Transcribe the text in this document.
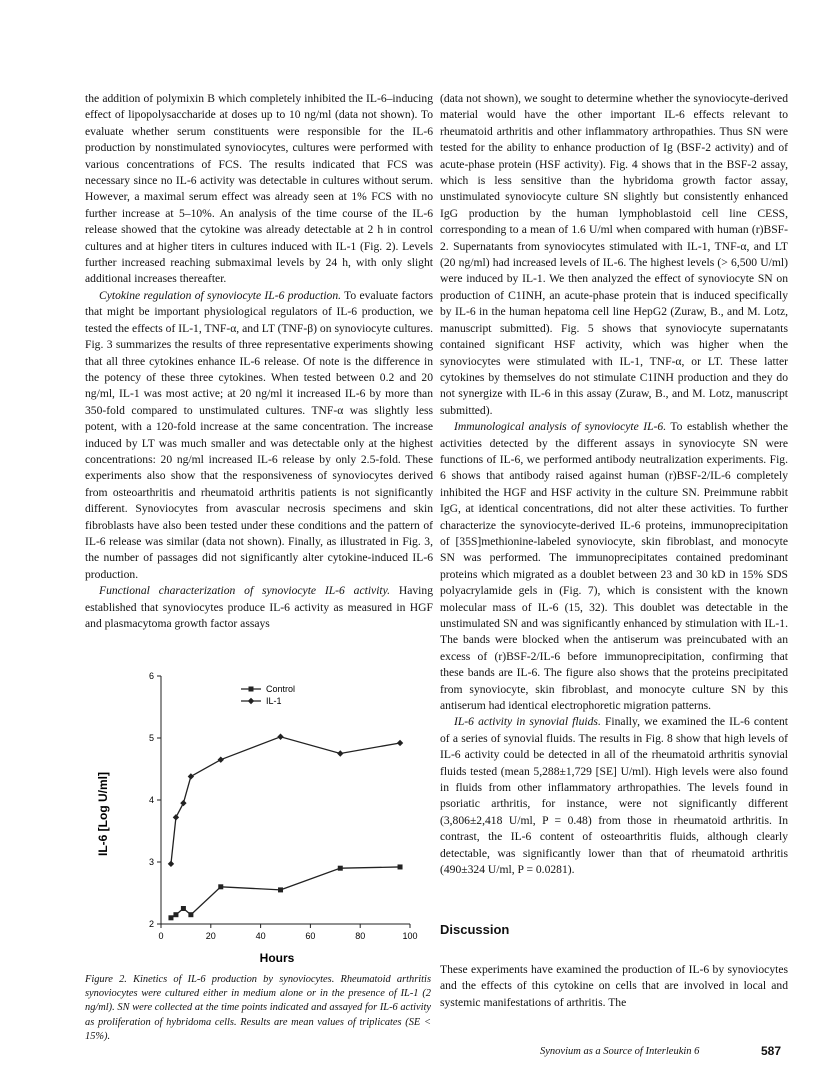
the addition of polymixin B which completely inhibited the IL-6–inducing effect of lipopolysaccharide at doses up to 10 ng/ml (data not shown). To evaluate whether serum constituents were responsible for the IL-6 production by nonstimulated synoviocytes, cultures were performed with various concentrations of FCS. The results indicated that FCS was necessary since no IL-6 activity was detectable in cultures without serum. However, a maximal serum effect was already seen at 1% FCS with no further increase at 5–10%. An analysis of the time course of the IL-6 release showed that the cytokine was already detectable at 2 h in control cultures and at higher titers in cultures induced with IL-1 (Fig. 2). Levels further increased reaching submaximal levels by 24 h, with only slight additional increases thereafter.

Cytokine regulation of synoviocyte IL-6 production. To evaluate factors that might be important physiological regulators of IL-6 production, we tested the effects of IL-1, TNF-α, and LT (TNF-β) on synoviocyte cultures. Fig. 3 summarizes the results of three representative experiments showing that all three cytokines enhance IL-6 release. Of note is the difference in the potency of these three cytokines. When tested between 0.2 and 20 ng/ml, IL-1 was most active; at 20 ng/ml it increased IL-6 by more than 350-fold compared to unstimulated cultures. TNF-α was slightly less potent, with a 120-fold increase at the same concentration. The increase induced by LT was much smaller and was detectable only at the highest concentrations: 20 ng/ml increased IL-6 release by only 2.5-fold. These experiments also show that the responsiveness of synoviocytes derived from osteoarthritis and rheumatoid arthritis patients is not significantly different. Synoviocytes from avascular necrosis specimens and skin fibroblasts have also been tested under these conditions and the pattern of IL-6 release was similar (data not shown). Finally, as illustrated in Fig. 3, the number of passages did not significantly alter cytokine-induced IL-6 production.

Functional characterization of synoviocyte IL-6 activity. Having established that synoviocytes produce IL-6 activity as measured in HGF and plasmacytoma growth factor assays

(data not shown), we sought to determine whether the synoviocyte-derived material would have the other important IL-6 effects relevant to rheumatoid arthritis and other inflammatory arthropathies. Thus SN were tested for the ability to enhance production of Ig (BSF-2 activity) and of acute-phase protein (HSF activity). Fig. 4 shows that in the BSF-2 assay, which is less sensitive than the hybridoma growth factor assay, unstimulated synoviocyte culture SN slightly but consistently enhanced IgG production by the human lymphoblastoid cell line CESS, corresponding to a mean of 1.6 U/ml when compared with human (r)BSF-2. Supernatants from synoviocytes stimulated with IL-1, TNF-α, and LT (20 ng/ml) had increased levels of IL-6. The highest levels (> 6,500 U/ml) were induced by IL-1. We then analyzed the effect of synoviocyte SN on production of C1INH, an acute-phase protein that is induced specifically by IL-6 in the human hepatoma cell line HepG2 (Zuraw, B., and M. Lotz, manuscript submitted). Fig. 5 shows that synoviocyte supernatants contained significant HSF activity, which was higher when the synoviocytes were stimulated with IL-1, TNF-α, or LT. These latter cytokines by themselves do not stimulate C1INH production and they do not synergize with IL-6 in this assay (Zuraw, B., and M. Lotz, manuscript submitted).

Immunological analysis of synoviocyte IL-6. To establish whether the activities detected by the different assays in synoviocyte SN were functions of IL-6, we performed antibody neutralization experiments. Fig. 6 shows that antibody raised against human (r)BSF-2/IL-6 completely inhibited the HGF and HSF activity in the culture SN. Preimmune rabbit IgG, at identical concentrations, did not alter these activities. To further characterize the synoviocyte-derived IL-6 proteins, immunoprecipitation of [35S]methionine-labeled synoviocyte, skin fibroblast, and monocyte SN was performed. The immunoprecipitates contained predominant proteins which migrated as a doublet between 23 and 30 kD in 15% SDS polyacrylamide gels in (Fig. 7), which is consistent with the known molecular mass of IL-6 (15, 32). This doublet was detectable in the unstimulated SN and was significantly enhanced by stimulation with IL-1. The bands were blocked when the antiserum was preincubated with an excess of (r)BSF-2/IL-6 before immunoprecipitation, confirming that these bands are IL-6. The figure also shows that the proteins precipitated from synoviocyte, skin fibroblast, and monocyte culture SN by this antiserum had identical electrophoretic migration patterns.

IL-6 activity in synovial fluids. Finally, we examined the IL-6 content of a series of synovial fluids. The results in Fig. 8 show that high levels of IL-6 activity could be detected in all of the rheumatoid arthritis synovial fluids tested (mean 5,288±1,729 [SE] U/ml). High levels were also found in fluids from other inflammatory arthropathies. The levels found in psoriatic arthritis, for instance, were not significantly different (3,806±2,418 U/ml, P = 0.48) from those in rheumatoid arthritis. In contrast, the IL-6 content of osteoarthritis fluids, although clearly detectable, was significantly lower than that of rheumatoid arthritis (490±324 U/ml, P = 0.0281).

0	20	40	60	80	100
2
3
4
5
6
Control
IL-1
Hours
IL-6 [Log U/ml]
Figure 2. Kinetics of IL-6 production by synoviocytes. Rheumatoid arthritis synoviocytes were cultured either in medium alone or in the presence of IL-1 (2 ng/ml). SN were collected at the time points indicated and assayed for IL-6 activity as proliferation of hybridoma cells. Results are mean values of triplicates (SE < 15%).
Discussion
These experiments have examined the production of IL-6 by synoviocytes and the effects of this cytokine on cells that are involved in local and systemic manifestations of arthritis. The
Synovium as a Source of Interleukin 6	587
